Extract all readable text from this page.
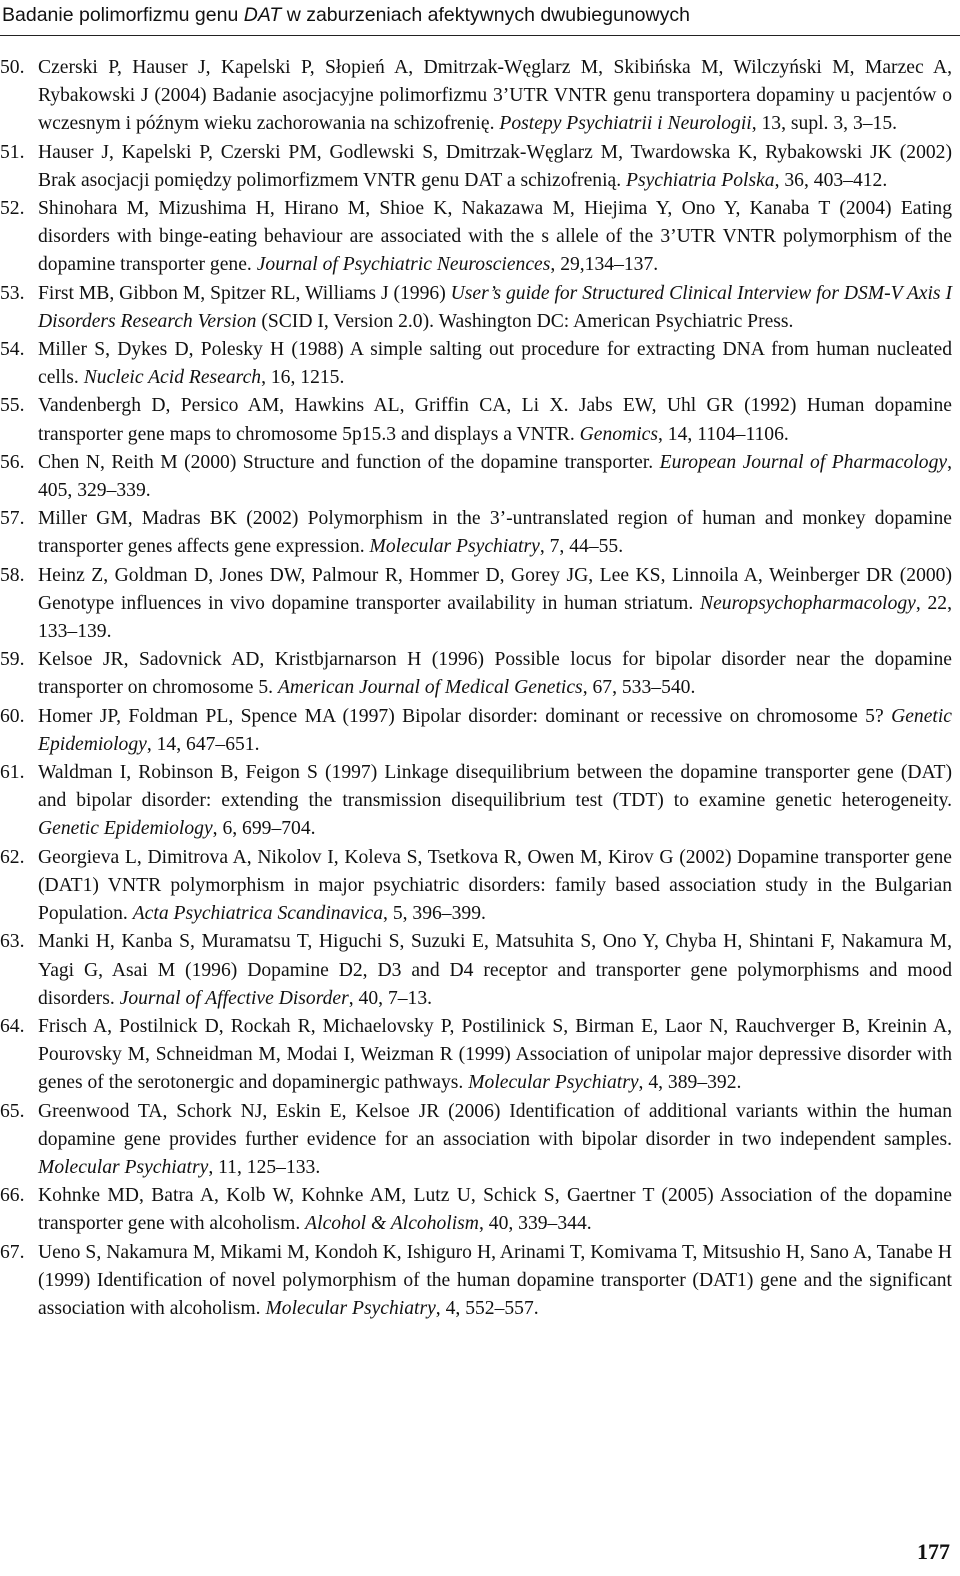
Badanie polimorfizmu genu DAT w zaburzeniach afektywnych dwubiegunowych
50. Czerski P, Hauser J, Kapelski P, Słopień A, Dmitrzak-Węglarz M, Skibińska M, Wilczyński M, Marzec A, Rybakowski J (2004) Badanie asocjacyjne polimorfizmu 3’UTR VNTR genu transportera dopaminy u pacjentów o wczesnym i późnym wieku zachorowania na schizofrenię. Postepy Psychiatrii i Neurologii, 13, supl. 3, 3–15.
51. Hauser J, Kapelski P, Czerski PM, Godlewski S, Dmitrzak-Węglarz M, Twardowska K, Rybakowski JK (2002) Brak asocjacji pomiędzy polimorfizmem VNTR genu DAT a schizofrenią. Psychiatria Polska, 36, 403–412.
52. Shinohara M, Mizushima H, Hirano M, Shioe K, Nakazawa M, Hiejima Y, Ono Y, Kanaba T (2004) Eating disorders with binge-eating behaviour are associated with the s allele of the 3’UTR VNTR polymorphism of the dopamine transporter gene. Journal of Psychiatric Neurosciences, 29,134–137.
53. First MB, Gibbon M, Spitzer RL, Williams J (1996) User’s guide for Structured Clinical Interview for DSM-V Axis I Disorders Research Version (SCID I, Version 2.0). Washington DC: American Psychiatric Press.
54. Miller S, Dykes D, Polesky H (1988) A simple salting out procedure for extracting DNA from human nucleated cells. Nucleic Acid Research, 16, 1215.
55. Vandenbergh D, Persico AM, Hawkins AL, Griffin CA, Li X. Jabs EW, Uhl GR (1992) Human dopamine transporter gene maps to chromosome 5p15.3 and displays a VNTR. Genomics, 14, 1104–1106.
56. Chen N, Reith M (2000) Structure and function of the dopamine transporter. European Journal of Pharmacology, 405, 329–339.
57. Miller GM, Madras BK (2002) Polymorphism in the 3’-untranslated region of human and monkey dopamine transporter genes affects gene expression. Molecular Psychiatry, 7, 44–55.
58. Heinz Z, Goldman D, Jones DW, Palmour R, Hommer D, Gorey JG, Lee KS, Linnoila A, Weinberger DR (2000) Genotype influences in vivo dopamine transporter availability in human striatum. Neuropsychopharmacology, 22, 133–139.
59. Kelsoe JR, Sadovnick AD, Kristbjarnarson H (1996) Possible locus for bipolar disorder near the dopamine transporter on chromosome 5. American Journal of Medical Genetics, 67, 533–540.
60. Homer JP, Foldman PL, Spence MA (1997) Bipolar disorder: dominant or recessive on chromosome 5? Genetic Epidemiology, 14, 647–651.
61. Waldman I, Robinson B, Feigon S (1997) Linkage disequilibrium between the dopamine transporter gene (DAT) and bipolar disorder: extending the transmission disequilibrium test (TDT) to examine genetic heterogeneity. Genetic Epidemiology, 6, 699–704.
62. Georgieva L, Dimitrova A, Nikolov I, Koleva S, Tsetkova R, Owen M, Kirov G (2002) Dopamine transporter gene (DAT1) VNTR polymorphism in major psychiatric disorders: family based association study in the Bulgarian Population. Acta Psychiatrica Scandinavica, 5, 396–399.
63. Manki H, Kanba S, Muramatsu T, Higuchi S, Suzuki E, Matsuhita S, Ono Y, Chyba H, Shintani F, Nakamura M, Yagi G, Asai M (1996) Dopamine D2, D3 and D4 receptor and transporter gene polymorphisms and mood disorders. Journal of Affective Disorder, 40, 7–13.
64. Frisch A, Postilnick D, Rockah R, Michaelovsky P, Postilinick S, Birman E, Laor N, Rauchverger B, Kreinin A, Pourovsky M, Schneidman M, Modai I, Weizman R (1999) Association of unipolar major depressive disorder with genes of the serotonergic and dopaminergic pathways. Molecular Psychiatry, 4, 389–392.
65. Greenwood TA, Schork NJ, Eskin E, Kelsoe JR (2006) Identification of additional variants within the human dopamine gene provides further evidence for an association with bipolar disorder in two independent samples. Molecular Psychiatry, 11, 125–133.
66. Kohnke MD, Batra A, Kolb W, Kohnke AM, Lutz U, Schick S, Gaertner T (2005) Association of the dopamine transporter gene with alcoholism. Alcohol & Alcoholism, 40, 339–344.
67. Ueno S, Nakamura M, Mikami M, Kondoh K, Ishiguro H, Arinami T, Komivama T, Mitsushio H, Sano A, Tanabe H (1999) Identification of novel polymorphism of the human dopamine transporter (DAT1) gene and the significant association with alcoholism. Molecular Psychiatry, 4, 552–557.
177
